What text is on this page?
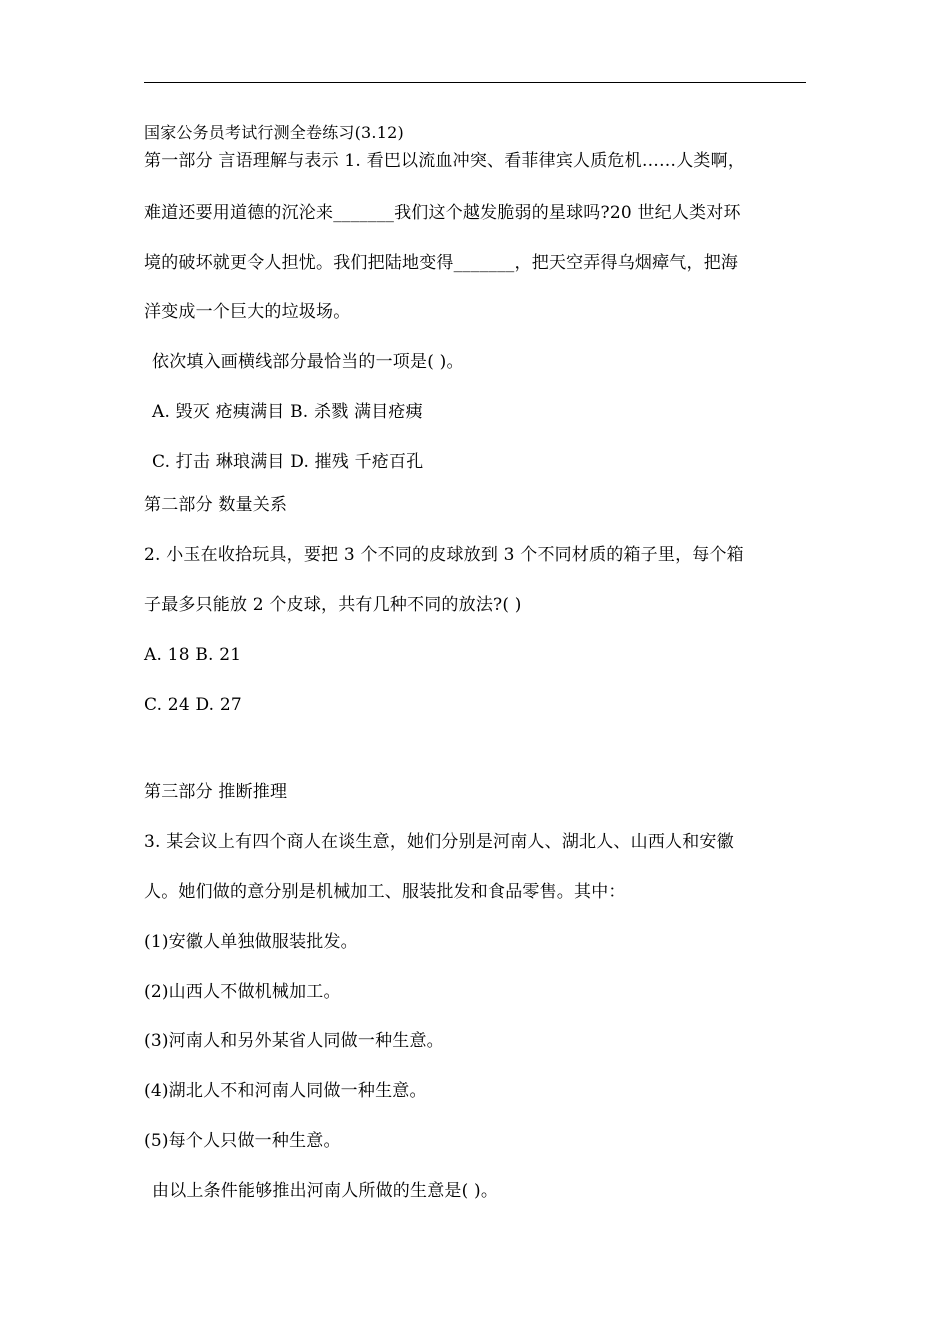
国家公务员考试行测全卷练习(3.12)
第一部分 言语理解与表示 1. 看巴以流血冲突、看菲律宾人质危机……人类啊，
难道还要用道德的沉沦来_______我们这个越发脆弱的星球吗?20 世纪人类对环
境的破坏就更令人担忧。我们把陆地变得_______，把天空弄得乌烟瘴气，把海
洋变成一个巨大的垃圾场。
依次填入画横线部分最恰当的一项是( )。
A. 毁灭 疮痍满目 B. 杀戮 满目疮痍
C. 打击 琳琅满目 D. 摧残 千疮百孔
第二部分 数量关系
2. 小玉在收拾玩具，要把 3 个不同的皮球放到 3 个不同材质的箱子里，每个箱
子最多只能放 2 个皮球，共有几种不同的放法?( )
A. 18 B. 21
C. 24 D. 27
第三部分 推断推理
3. 某会议上有四个商人在谈生意，她们分别是河南人、湖北人、山西人和安徽
人。她们做的意分别是机械加工、服装批发和食品零售。其中：
(1)安徽人单独做服装批发。
(2)山西人不做机械加工。
(3)河南人和另外某省人同做一种生意。
(4)湖北人不和河南人同做一种生意。
(5)每个人只做一种生意。
由以上条件能够推出河南人所做的生意是( )。
